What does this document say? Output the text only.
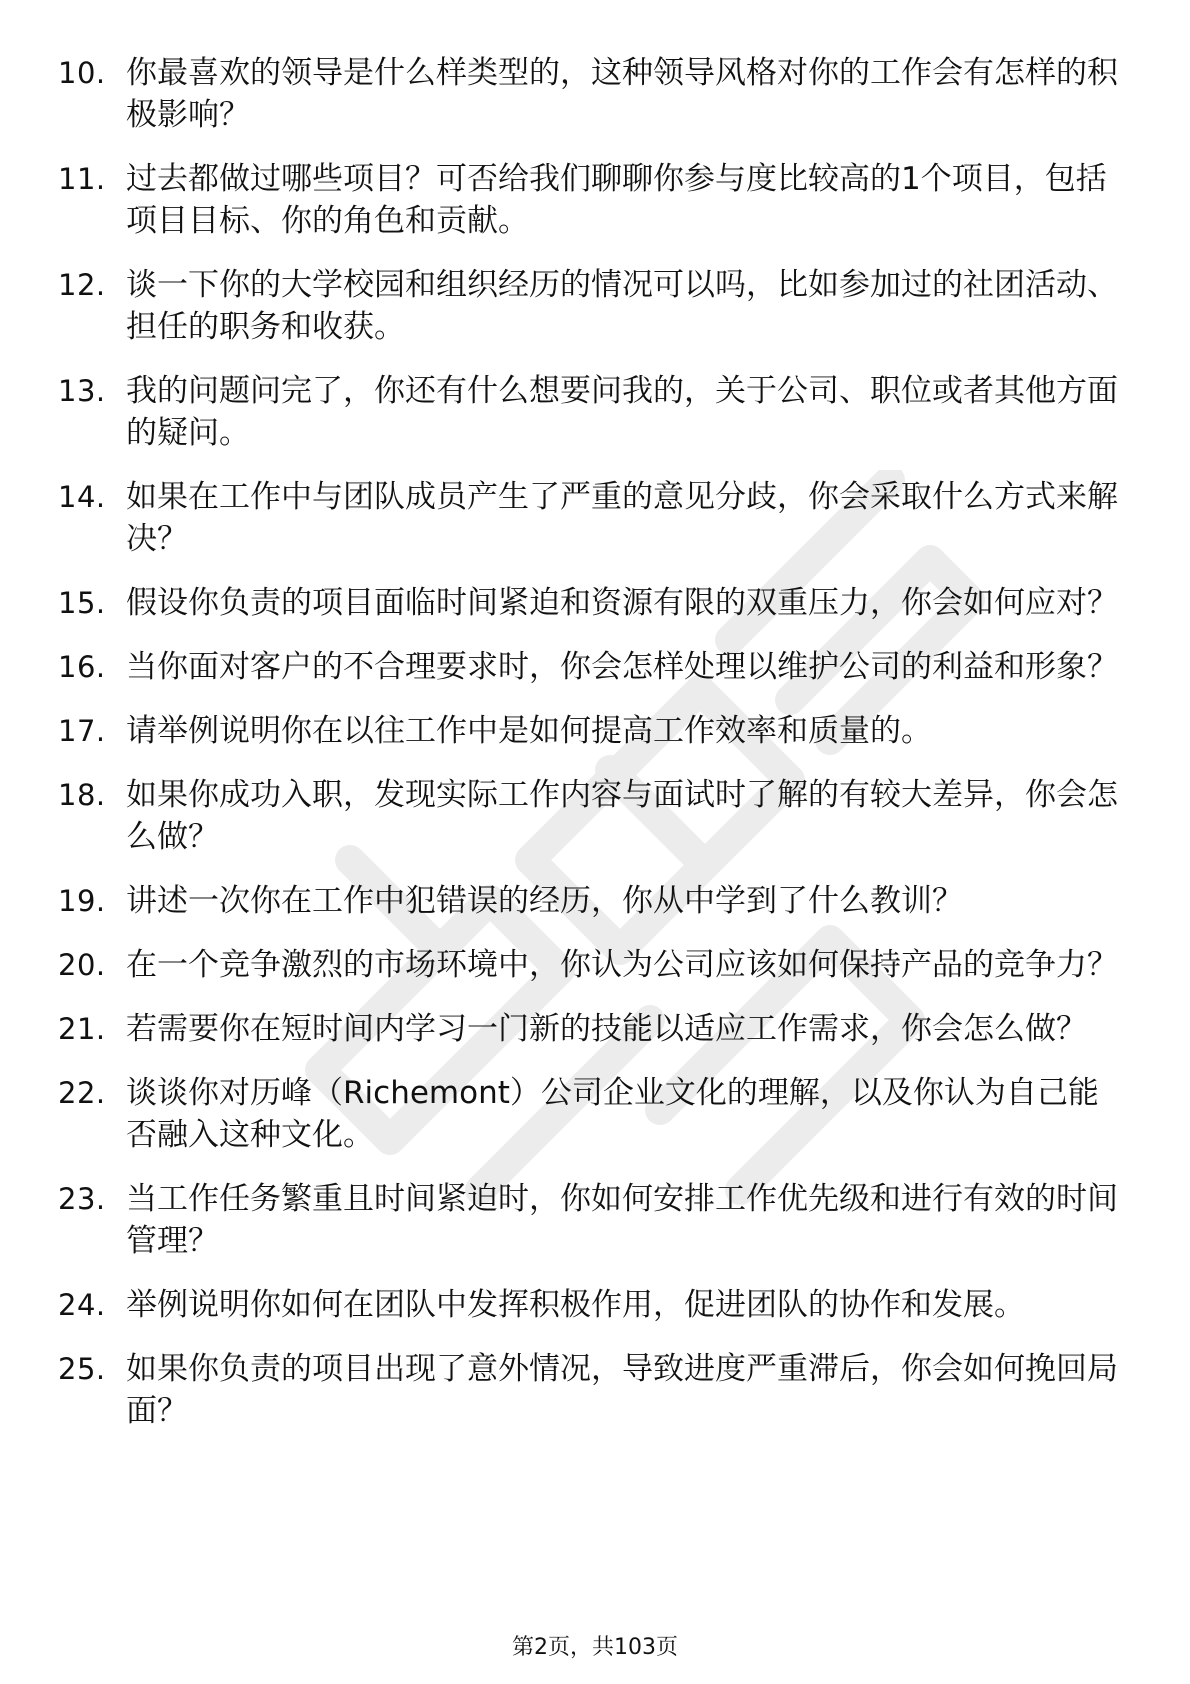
10. 你最喜欢的领导是什么样类型的，这种领导风格对你的工作会有怎样的积极影响？
11. 过去都做过哪些项目？可否给我们聊聊你参与度比较高的1个项目，包括项目目标、你的角色和贡献。
12. 谈一下你的大学校园和组织经历的情况可以吗，比如参加过的社团活动、担任的职务和收获。
13. 我的问题问完了，你还有什么想要问我的，关于公司、职位或者其他方面的疑问。
14. 如果在工作中与团队成员产生了严重的意见分歧，你会采取什么方式来解决？
15. 假设你负责的项目面临时间紧迫和资源有限的双重压力，你会如何应对？
16. 当你面对客户的不合理要求时，你会怎样处理以维护公司的利益和形象？
17. 请举例说明你在以往工作中是如何提高工作效率和质量的。
18. 如果你成功入职，发现实际工作内容与面试时了解的有较大差异，你会怎么做？
19. 讲述一次你在工作中犯错误的经历，你从中学到了什么教训？
20. 在一个竞争激烈的市场环境中，你认为公司应该如何保持产品的竞争力？
21. 若需要你在短时间内学习一门新的技能以适应工作需求，你会怎么做？
22. 谈谈你对历峰（Richemont）公司企业文化的理解，以及你认为自己能否融入这种文化。
23. 当工作任务繁重且时间紧迫时，你如何安排工作优先级和进行有效的时间管理？
24. 举例说明你如何在团队中发挥积极作用，促进团队的协作和发展。
25. 如果你负责的项目出现了意外情况，导致进度严重滞后，你会如何挽回局面？
第2页，共103页
